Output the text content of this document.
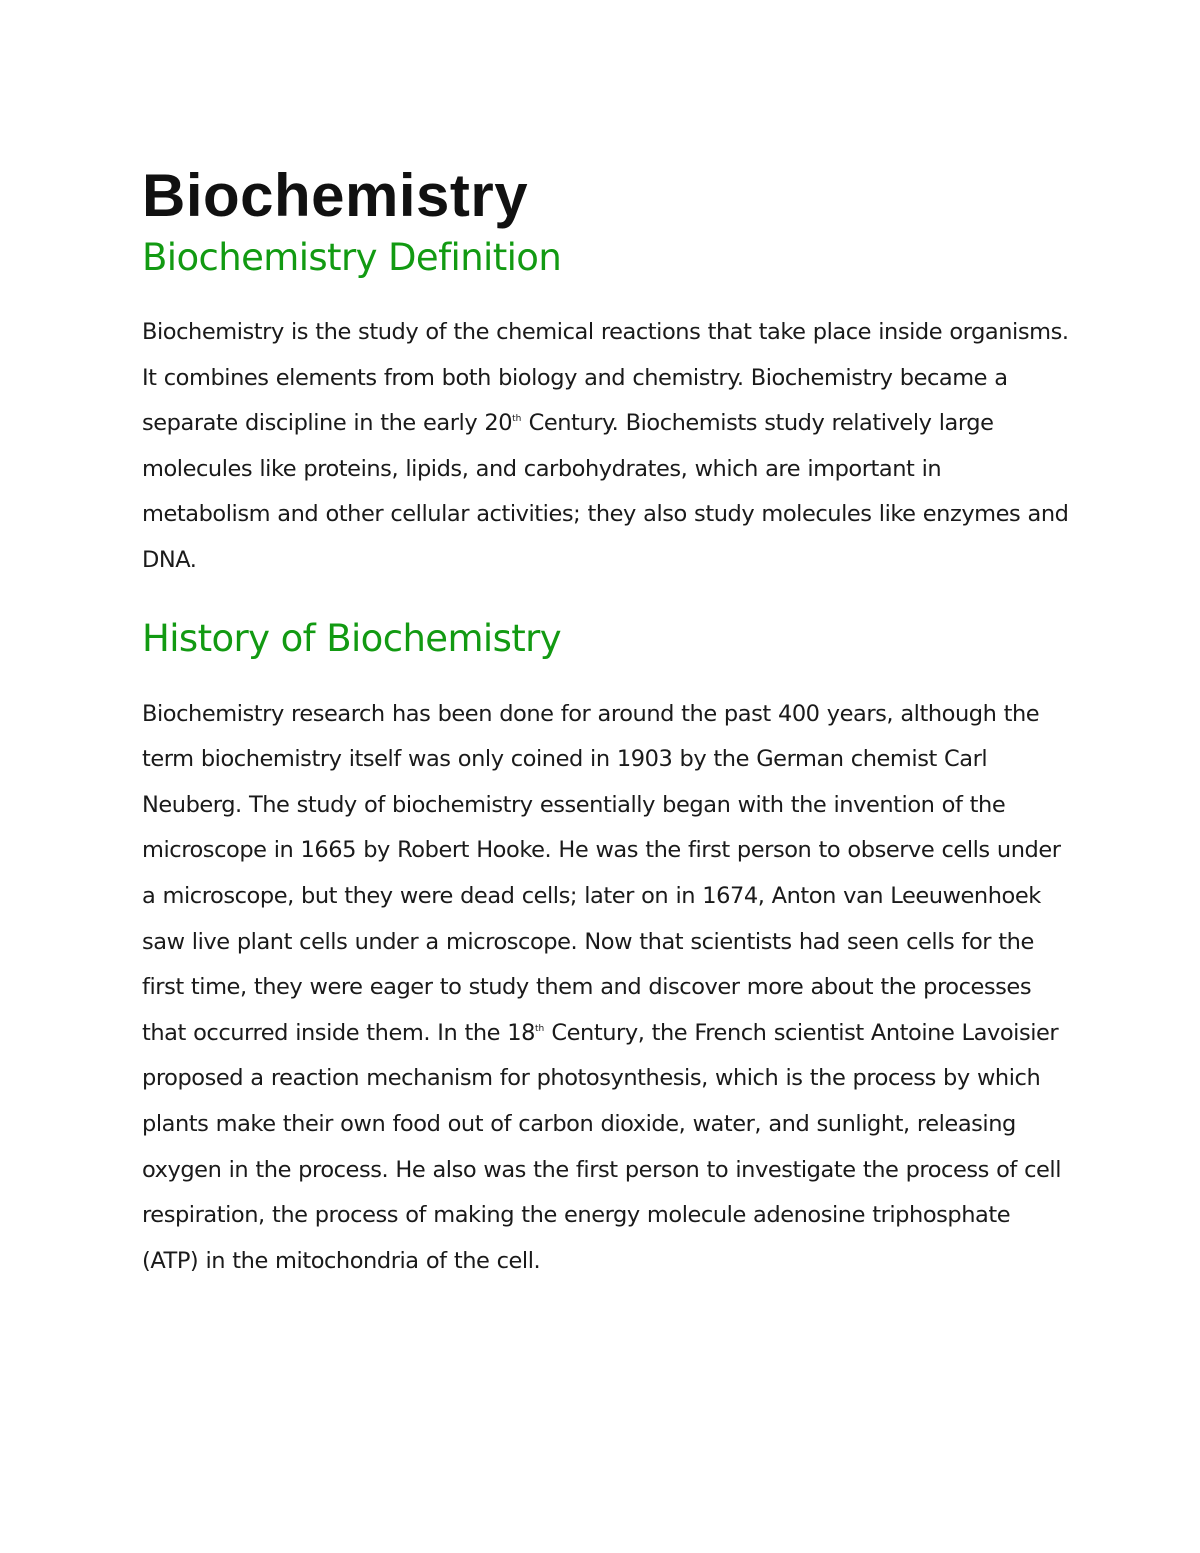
Biochemistry
Biochemistry Definition

Biochemistry is the study of the chemical reactions that take place inside organisms. It combines elements from both biology and chemistry. Biochemistry became a separate discipline in the early 20th Century. Biochemists study relatively large molecules like proteins, lipids, and carbohydrates, which are important in metabolism and other cellular activities; they also study molecules like enzymes and DNA.

History of Biochemistry

Biochemistry research has been done for around the past 400 years, although the term biochemistry itself was only coined in 1903 by the German chemist Carl Neuberg. The study of biochemistry essentially began with the invention of the microscope in 1665 by Robert Hooke. He was the first person to observe cells under a microscope, but they were dead cells; later on in 1674, Anton van Leeuwenhoek saw live plant cells under a microscope. Now that scientists had seen cells for the first time, they were eager to study them and discover more about the processes that occurred inside them. In the 18th Century, the French scientist Antoine Lavoisier proposed a reaction mechanism for photosynthesis, which is the process by which plants make their own food out of carbon dioxide, water, and sunlight, releasing oxygen in the process. He also was the first person to investigate the process of cell respiration, the process of making the energy molecule adenosine triphosphate (ATP) in the mitochondria of the cell.
